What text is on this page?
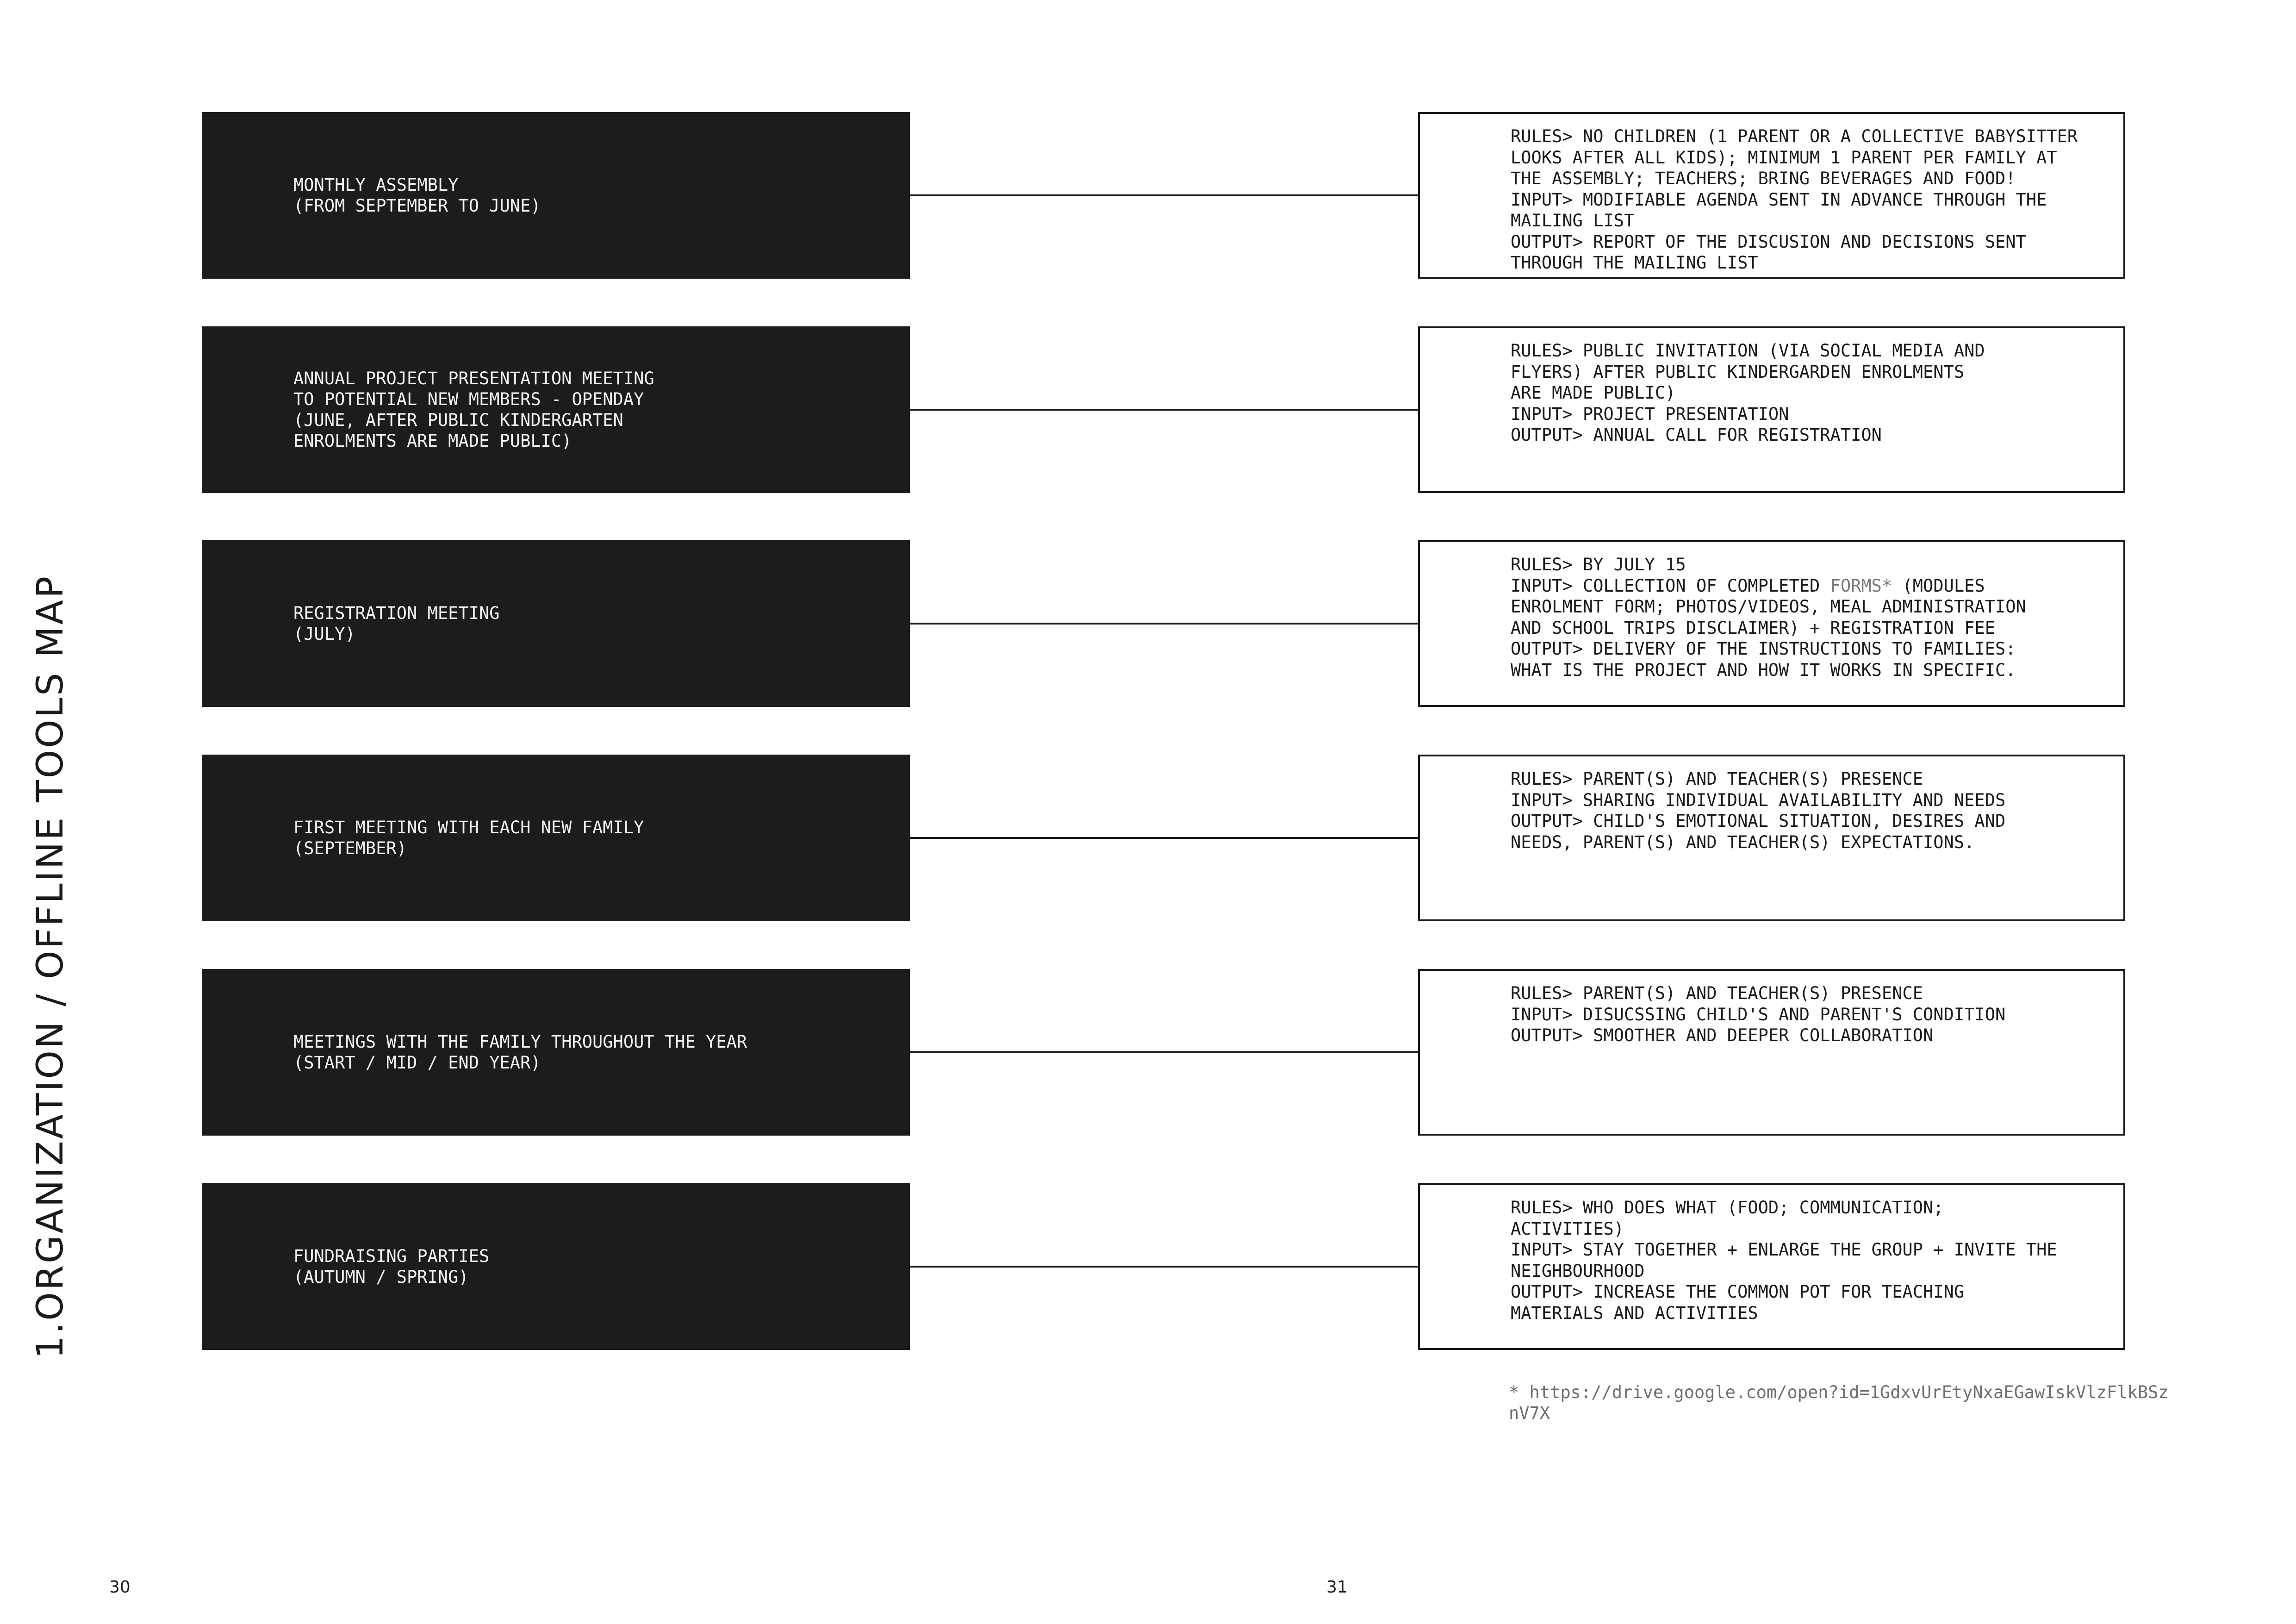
1.ORGANIZATION / OFFLINE TOOLS MAP
MONTHLY ASSEMBLY
(FROM SEPTEMBER TO JUNE)
RULES> NO CHILDREN (1 PARENT OR A COLLECTIVE BABYSITTER
LOOKS AFTER ALL KIDS); MINIMUM 1 PARENT PER FAMILY AT
THE ASSEMBLY; TEACHERS; BRING BEVERAGES AND FOOD!
INPUT> MODIFIABLE AGENDA SENT IN ADVANCE THROUGH THE
MAILING LIST
OUTPUT> REPORT OF THE DISCUSION AND DECISIONS SENT
THROUGH THE MAILING LIST
ANNUAL PROJECT PRESENTATION MEETING
TO POTENTIAL NEW MEMBERS - OPENDAY
(JUNE, AFTER PUBLIC KINDERGARTEN
ENROLMENTS ARE MADE PUBLIC)
RULES> PUBLIC INVITATION (VIA SOCIAL MEDIA AND
FLYERS) AFTER PUBLIC KINDERGARDEN ENROLMENTS
ARE MADE PUBLIC)
INPUT> PROJECT PRESENTATION
OUTPUT> ANNUAL CALL FOR REGISTRATION
REGISTRATION MEETING
(JULY)
RULES> BY JULY 15
INPUT> COLLECTION OF COMPLETED FORMS* (MODULES
ENROLMENT FORM; PHOTOS/VIDEOS, MEAL ADMINISTRATION
AND SCHOOL TRIPS DISCLAIMER) + REGISTRATION FEE
OUTPUT> DELIVERY OF THE INSTRUCTIONS TO FAMILIES:
WHAT IS THE PROJECT AND HOW IT WORKS IN SPECIFIC.
FIRST MEETING WITH EACH NEW FAMILY
(SEPTEMBER)
RULES> PARENT(S) AND TEACHER(S) PRESENCE
INPUT> SHARING INDIVIDUAL AVAILABILITY AND NEEDS
OUTPUT> CHILD'S EMOTIONAL SITUATION, DESIRES AND
NEEDS, PARENT(S) AND TEACHER(S) EXPECTATIONS.
MEETINGS WITH THE FAMILY THROUGHOUT THE YEAR
(START / MID / END YEAR)
RULES> PARENT(S) AND TEACHER(S) PRESENCE
INPUT> DISUCSSING CHILD'S AND PARENT'S CONDITION
OUTPUT> SMOOTHER AND DEEPER COLLABORATION
FUNDRAISING PARTIES
(AUTUMN / SPRING)
RULES> WHO DOES WHAT (FOOD; COMMUNICATION;
ACTIVITIES)
INPUT> STAY TOGETHER + ENLARGE THE GROUP + INVITE THE
NEIGHBOURHOOD
OUTPUT> INCREASE THE COMMON POT FOR TEACHING
MATERIALS AND ACTIVITIES
* https://drive.google.com/open?id=1GdxvUrEtyNxaEGawIskVlzFlkBSz
nV7X
30	31
